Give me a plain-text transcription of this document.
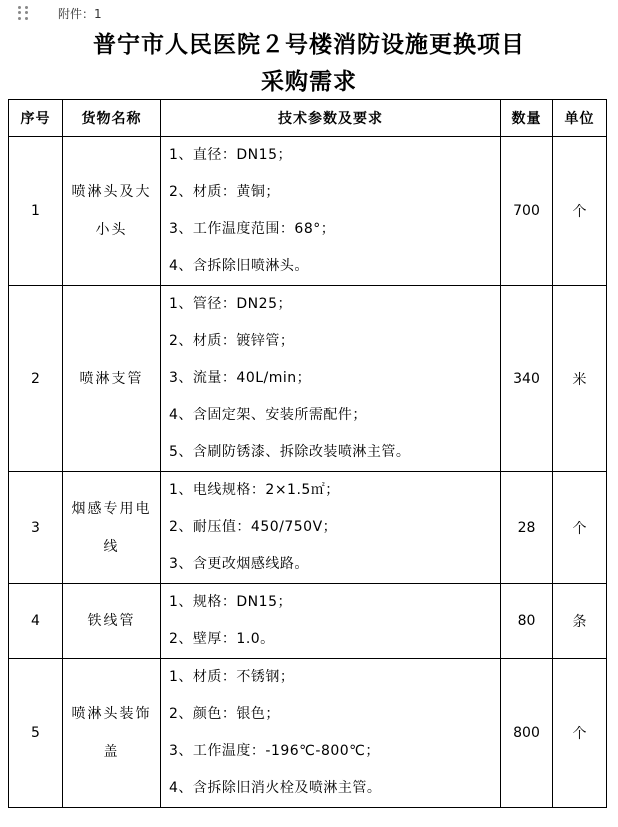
附件：1
普宁市人民医院２号楼消防设施更换项目
采购需求
序号	货物名称	技术参数及要求	数量	单位
1	喷淋头及大小头	1、直径：DN15；
2、材质：黄铜；
3、工作温度范围：68°；
4、含拆除旧喷淋头。	700	个
2	喷淋支管	1、管径：DN25；
2、材质：镀锌管；
3、流量：40L/min；
4、含固定架、安装所需配件；
5、含刷防锈漆、拆除改装喷淋主管。	340	米
3	烟感专用电线	1、电线规格：2×1.5㎡；
2、耐压值：450/750V；
3、含更改烟感线路。	28	个
4	铁线管	1、规格：DN15；
2、壁厚：1.0。	80	条
5	喷淋头装饰盖	1、材质：不锈钢；
2、颜色：银色；
3、工作温度：-196℃-800℃；
4、含拆除旧消火栓及喷淋主管。	800	个
